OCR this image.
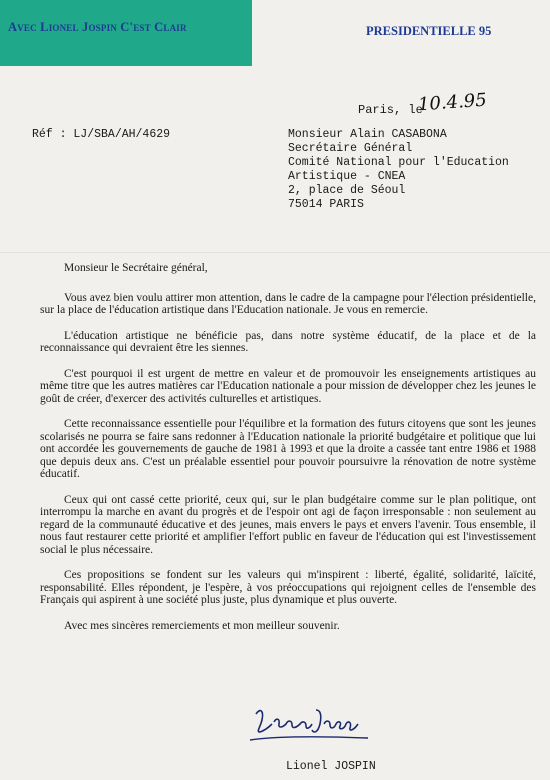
Avec Lionel Jospin C'est Clair	PRESIDENTIELLE 95
Paris, le
10.4.95
Réf : LJ/SBA/AH/4629	Monsieur Alain CASABONA
Secrétaire Général
Comité National pour l'Education
Artistique - CNEA
2, place de Séoul
75014 PARIS
Monsieur le Secrétaire général,

Vous avez bien voulu attirer mon attention, dans le cadre de la campagne pour l'élection présidentielle, sur la place de l'éducation artistique dans l'Education nationale. Je vous en remercie.

L'éducation artistique ne bénéficie pas, dans notre système éducatif, de la place et de la reconnaissance qui devraient être les siennes.

C'est pourquoi il est urgent de mettre en valeur et de promouvoir les enseignements artistiques au même titre que les autres matières car l'Education nationale a pour mission de développer chez les jeunes le goût de créer, d'exercer des activités culturelles et artistiques.

Cette reconnaissance essentielle pour l'équilibre et la formation des futurs citoyens que sont les jeunes scolarisés ne pourra se faire sans redonner à l'Education nationale la priorité budgétaire et politique que lui ont accordée les gouvernements de gauche de 1981 à 1993 et que la droite a cassée tant entre 1986 et 1988 que depuis deux ans. C'est un préalable essentiel pour pouvoir poursuivre la rénovation de notre système éducatif.

Ceux qui ont cassé cette priorité, ceux qui, sur le plan budgétaire comme sur le plan politique, ont interrompu la marche en avant du progrès et de l'espoir ont agi de façon irresponsable : non seulement au regard de la communauté éducative et des jeunes, mais envers le pays et envers l'avenir. Tous ensemble, il nous faut restaurer cette priorité et amplifier l'effort public en faveur de l'éducation qui est l'investissement social le plus nécessaire.

Ces propositions se fondent sur les valeurs qui m'inspirent : liberté, égalité, solidarité, laïcité, responsabilité. Elles répondent, je l'espère, à vos préoccupations qui rejoignent celles de l'ensemble des Français qui aspirent à une société plus juste, plus dynamique et plus ouverte.

Avec mes sincères remerciements et mon meilleur souvenir.

Lionel JOSPIN
